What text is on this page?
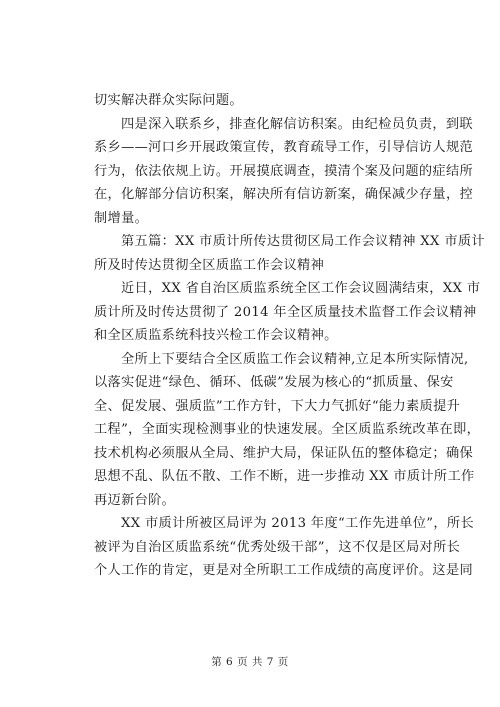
切实解决群众实际问题。
四是深入联系乡，排查化解信访积案。由纪检员负责，到联
系乡——河口乡开展政策宣传，教育疏导工作，引导信访人规范
行为，依法依规上访。开展摸底调查，摸清个案及问题的症结所
在，化解部分信访积案，解决所有信访新案，确保减少存量，控
制增量。
第五篇：XX 市质计所传达贯彻区局工作会议精神 XX 市质计
所及时传达贯彻全区质监工作会议精神
近日，XX 省自治区质监系统全区工作会议圆满结束，XX 市
质计所及时传达贯彻了 2014 年全区质量技术监督工作会议精神
和全区质监系统科技兴检工作会议精神。
全所上下要结合全区质监工作会议精神,立足本所实际情况,
以落实促进“绿色、循环、低碳”发展为核心的“抓质量、保安
全、促发展、强质监”工作方针，下大力气抓好“能力素质提升
工程”，全面实现检测事业的快速发展。全区质监系统改革在即，
技术机构必须服从全局、维护大局，保证队伍的整体稳定；确保
思想不乱、队伍不散、工作不断，进一步推动 XX 市质计所工作
再迈新台阶。
XX 市质计所被区局评为 2013 年度“工作先进单位”，所长
被评为自治区质监系统“优秀处级干部”，这不仅是区局对所长
个人工作的肯定，更是对全所职工工作成绩的高度评价。这是同
第 6 页 共 7 页
